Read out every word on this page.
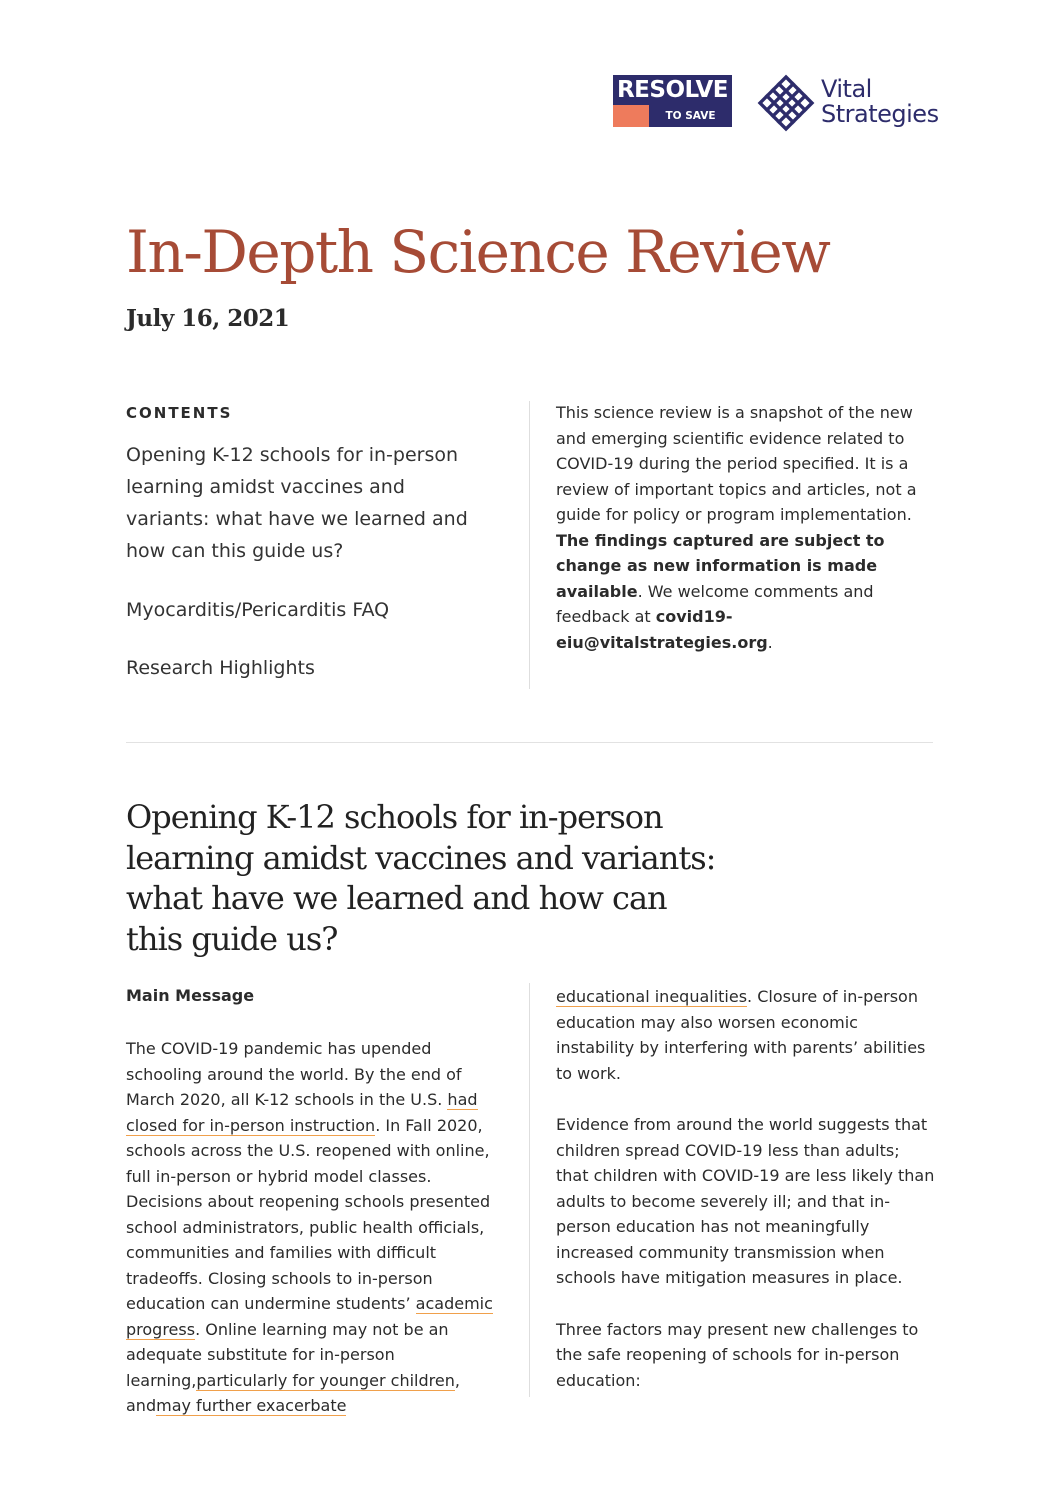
RESOLVE
TO SAVE LIVES
Vital
Strategies
In-Depth Science Review
July 16, 2021
CONTENTS
Opening K-12 schools for in-person learning amidst vaccines and variants: what have we learned and how can this guide us?
Myocarditis/Pericarditis FAQ
Research Highlights
This science review is a snapshot of the new and emerging scientific evidence related to COVID-19 during the period specified. It is a review of important topics and articles, not a guide for policy or program implementation. The findings captured are subject to change as new information is made available. We welcome comments and feedback at covid19-eiu@vitalstrategies.org.
Opening K-12 schools for in-person learning amidst vaccines and variants: what have we learned and how can this guide us?
Main Message

The COVID-19 pandemic has upended schooling around the world. By the end of March 2020, all K-12 schools in the U.S. had closed for in-person instruction. In Fall 2020, schools across the U.S. reopened with online, full in-person or hybrid model classes. Decisions about reopening schools presented school administrators, public health officials, communities and families with difficult tradeoffs. Closing schools to in-person education can undermine students’ academic progress. Online learning may not be an adequate substitute for in-person learning,particularly for younger children, andmay further exacerbate

educational inequalities. Closure of in-person education may also worsen economic instability by interfering with parents’ abilities to work.

Evidence from around the world suggests that children spread COVID-19 less than adults; that children with COVID-19 are less likely than adults to become severely ill; and that in-person education has not meaningfully increased community transmission when schools have mitigation measures in place.

Three factors may present new challenges to the safe reopening of schools for in-person education:
